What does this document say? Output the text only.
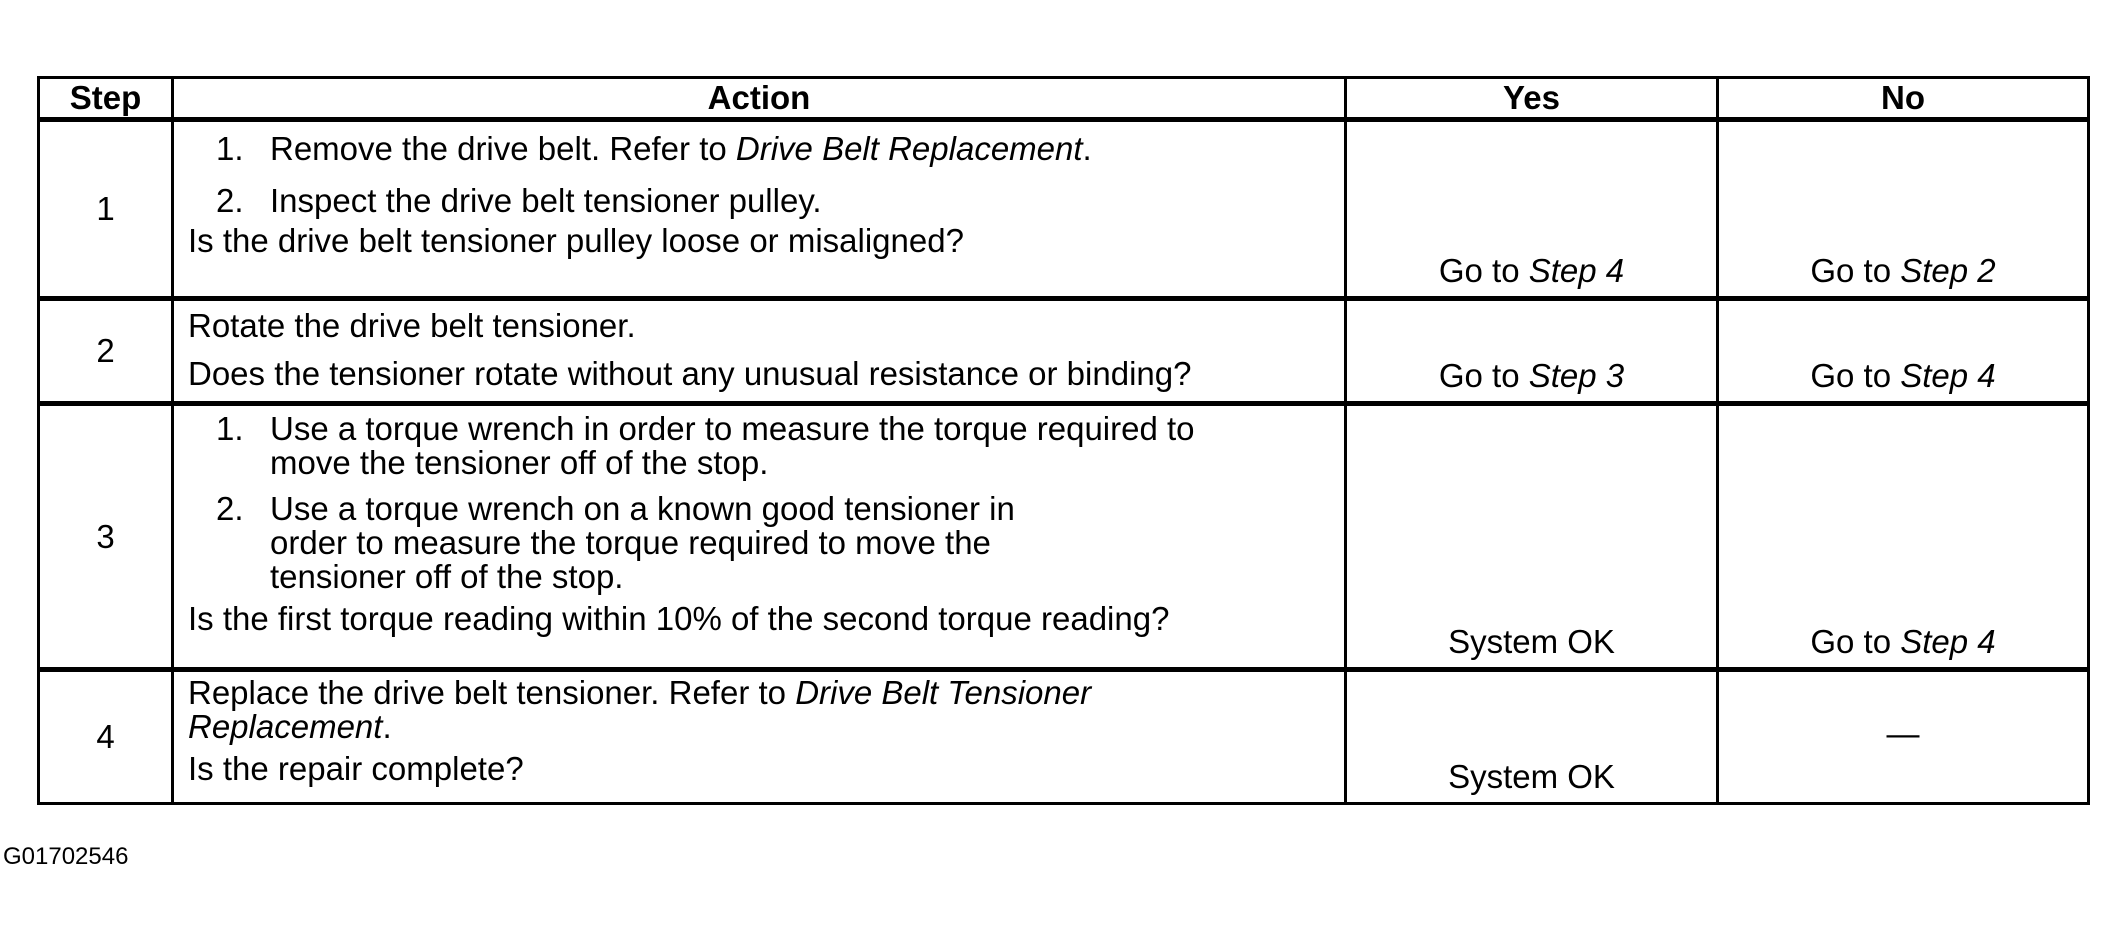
Step	Action	Yes	No
1	1. Remove the drive belt. Refer to Drive Belt Replacement.
2. Inspect the drive belt tensioner pulley.
Is the drive belt tensioner pulley loose or misaligned?	Go to Step 4	Go to Step 2
2	Rotate the drive belt tensioner.
Does the tensioner rotate without any unusual resistance or binding?	Go to Step 3	Go to Step 4
3	1. Use a torque wrench in order to measure the torque required to move the tensioner off of the stop.
2. Use a torque wrench on a known good tensioner in order to measure the torque required to move the tensioner off of the stop.
Is the first torque reading within 10% of the second torque reading?	System OK	Go to Step 4
4	Replace the drive belt tensioner. Refer to Drive Belt Tensioner Replacement.
Is the repair complete?	System OK	—
G01702546
